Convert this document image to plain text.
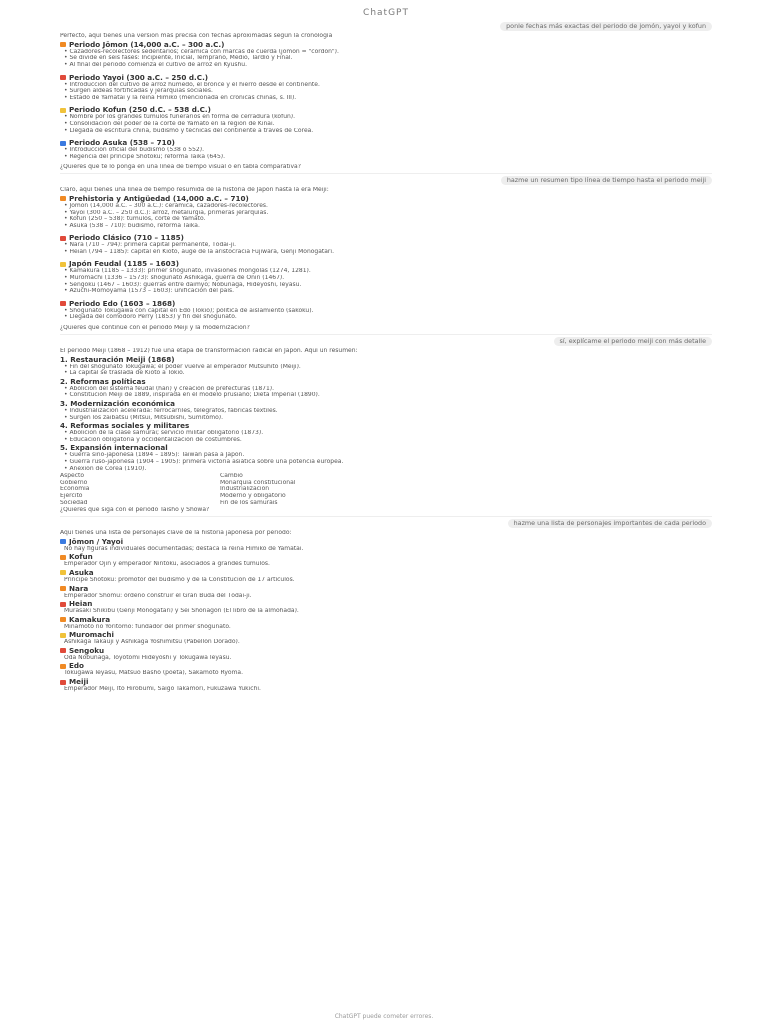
ChatGPT
ponle fechas más exactas del periodo de jomón, yayoi y kofun
Perfecto, aquí tienes una versión más precisa con fechas aproximadas según la cronología
Periodo Jōmon (14,000 a.C. – 300 a.C.)
• Cazadores-recolectores sedentarios; cerámica con marcas de cuerda (jōmon = "cordón").
• Se divide en seis fases: Incipiente, Inicial, Temprano, Medio, Tardío y Final.
• Al final del periodo comienza el cultivo de arroz en Kyūshū.
Periodo Yayoi (300 a.C. – 250 d.C.)
• Introducción del cultivo de arroz húmedo, el bronce y el hierro desde el continente.
• Surgen aldeas fortificadas y jerarquías sociales.
• Estado de Yamatai y la reina Himiko (mencionada en crónicas chinas, s. III).
Periodo Kofun (250 d.C. – 538 d.C.)
• Nombre por los grandes túmulos funerarios en forma de cerradura (kofun).
• Consolidación del poder de la corte de Yamato en la región de Kinai.
• Llegada de escritura china, budismo y técnicas del continente a través de Corea.
Periodo Asuka (538 – 710)
• Introducción oficial del budismo (538 o 552).
• Regencia del príncipe Shōtoku; reforma Taika (645).
¿Quieres que te lo ponga en una línea de tiempo visual o en tabla comparativa?
hazme un resumen tipo línea de tiempo hasta el periodo meiji
Claro, aquí tienes una línea de tiempo resumida de la historia de Japón hasta la era Meiji:
Prehistoria y Antigüedad (14,000 a.C. – 710)
• Jōmon (14,000 a.C. – 300 a.C.): cerámica, cazadores-recolectores.
• Yayoi (300 a.C. – 250 d.C.): arroz, metalurgia, primeras jerarquías.
• Kofun (250 – 538): túmulos, corte de Yamato.
• Asuka (538 – 710): budismo, reforma Taika.
Periodo Clásico (710 – 1185)
• Nara (710 – 794): primera capital permanente, Tōdai-ji.
• Heian (794 – 1185): capital en Kioto, auge de la aristocracia Fujiwara, Genji Monogatari.
Japón Feudal (1185 – 1603)
• Kamakura (1185 – 1333): primer shogunato, invasiones mongolas (1274, 1281).
• Muromachi (1336 – 1573): shogunato Ashikaga, guerra de Ōnin (1467).
• Sengoku (1467 – 1603): guerras entre daimyō; Nobunaga, Hideyoshi, Ieyasu.
• Azuchi-Momoyama (1573 – 1603): unificación del país.
Periodo Edo (1603 – 1868)
• Shogunato Tokugawa con capital en Edo (Tokio); política de aislamiento (sakoku).
• Llegada del comodoro Perry (1853) y fin del shogunato.
¿Quieres que continúe con el periodo Meiji y la modernización?
sí, explícame el periodo meiji con más detalle
El periodo Meiji (1868 – 1912) fue una etapa de transformación radical en Japón. Aquí un resumen:
1. Restauración Meiji (1868)
• Fin del shogunato Tokugawa; el poder vuelve al emperador Mutsuhito (Meiji).
• La capital se traslada de Kioto a Tokio.
2. Reformas políticas
• Abolición del sistema feudal (han) y creación de prefecturas (1871).
• Constitución Meiji de 1889, inspirada en el modelo prusiano; Dieta Imperial (1890).
3. Modernización económica
• Industrialización acelerada: ferrocarriles, telégrafos, fábricas textiles.
• Surgen los zaibatsu (Mitsui, Mitsubishi, Sumitomo).
4. Reformas sociales y militares
• Abolición de la clase samurái; servicio militar obligatorio (1873).
• Educación obligatoria y occidentalización de costumbres.
5. Expansión internacional
• Guerra sino-japonesa (1894 – 1895): Taiwán pasa a Japón.
• Guerra ruso-japonesa (1904 – 1905): primera victoria asiática sobre una potencia europea.
• Anexión de Corea (1910).
Aspecto	Cambio
Gobierno	Monarquía constitucional
Economía	Industrialización
Ejército	Moderno y obligatorio
Sociedad	Fin de los samuráis
¿Quieres que siga con el periodo Taishō y Shōwa?
hazme una lista de personajes importantes de cada periodo
Aquí tienes una lista de personajes clave de la historia japonesa por periodo:
Jōmon / Yayoi
No hay figuras individuales documentadas; destaca la reina Himiko de Yamatai.
Kofun
Emperador Ōjin y emperador Nintoku, asociados a grandes túmulos.
Asuka
Príncipe Shōtoku: promotor del budismo y de la Constitución de 17 artículos.
Nara
Emperador Shōmu: ordenó construir el Gran Buda del Tōdai-ji.
Heian
Murasaki Shikibu (Genji Monogatari) y Sei Shōnagon (El libro de la almohada).
Kamakura
Minamoto no Yoritomo: fundador del primer shogunato.
Muromachi
Ashikaga Takauji y Ashikaga Yoshimitsu (Pabellón Dorado).
Sengoku
Oda Nobunaga, Toyotomi Hideyoshi y Tokugawa Ieyasu.
Edo
Tokugawa Ieyasu, Matsuo Bashō (poeta), Sakamoto Ryōma.
Meiji
Emperador Meiji, Itō Hirobumi, Saigō Takamori, Fukuzawa Yukichi.
ChatGPT puede cometer errores.
